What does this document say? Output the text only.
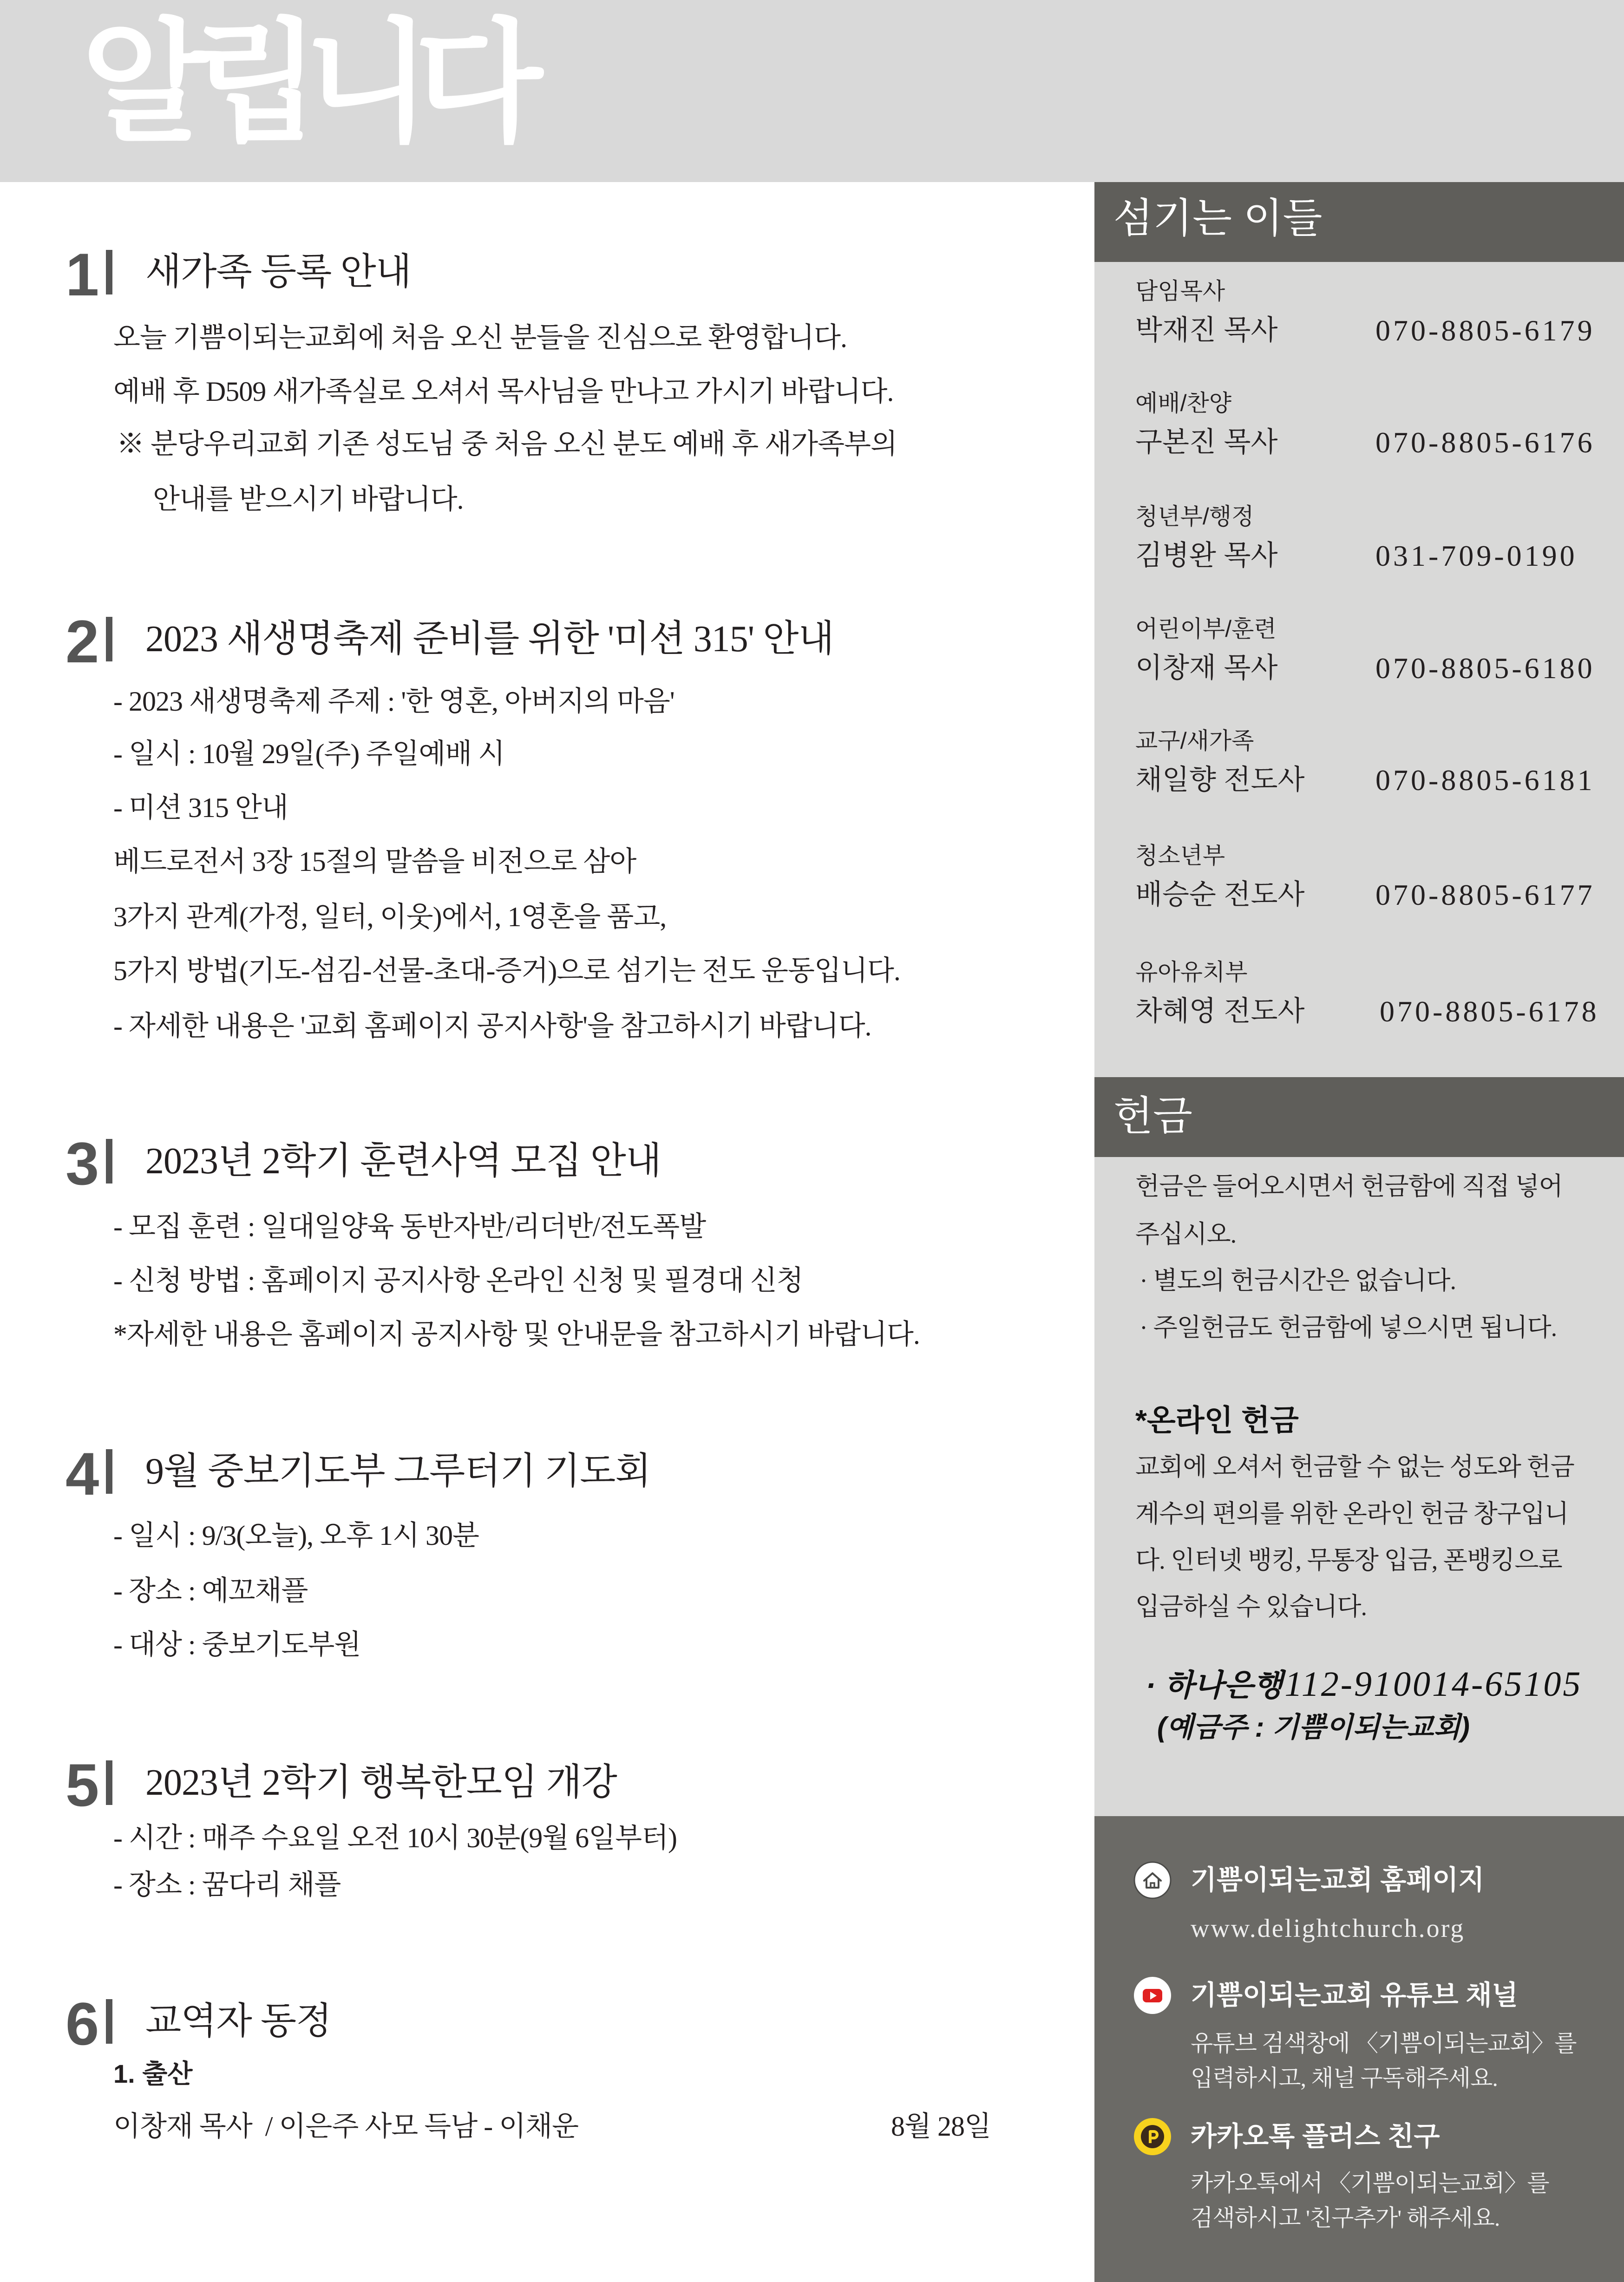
알립니다
1 새가족 등록 안내
오늘 기쁨이되는교회에 처음 오신 분들을 진심으로 환영합니다.
예배 후 D509 새가족실로 오셔서 목사님을 만나고 가시기 바랍니다.
※ 분당우리교회 기존 성도님 중 처음 오신 분도 예배 후 새가족부의
안내를 받으시기 바랍니다.
2 2023 새생명축제 준비를 위한 '미션 315' 안내
- 2023 새생명축제 주제 : '한 영혼, 아버지의 마음'
- 일시 : 10월 29일(주) 주일예배 시
- 미션 315 안내
베드로전서 3장 15절의 말씀을 비전으로 삼아
3가지 관계(가정, 일터, 이웃)에서, 1영혼을 품고,
5가지 방법(기도-섬김-선물-초대-증거)으로 섬기는 전도 운동입니다.
- 자세한 내용은 '교회 홈페이지 공지사항'을 참고하시기 바랍니다.
3 2023년 2학기 훈련사역 모집 안내
- 모집 훈련 : 일대일양육 동반자반/리더반/전도폭발
- 신청 방법 : 홈페이지 공지사항 온라인 신청 및 필경대 신청
*자세한 내용은 홈페이지 공지사항 및 안내문을 참고하시기 바랍니다.
4 9월 중보기도부 그루터기 기도회
- 일시 : 9/3(오늘), 오후 1시 30분
- 장소 : 예꼬채플
- 대상 : 중보기도부원
5 2023년 2학기 행복한모임 개강
- 시간 : 매주 수요일 오전 10시 30분(9월 6일부터)
- 장소 : 꿈다리 채플
6 교역자 동정
1. 출산
이창재 목사  / 이은주 사모 득남 - 이채운	8월 28일
섬기는 이들
담임목사
박재진 목사	070-8805-6179
예배/찬양
구본진 목사	070-8805-6176
청년부/행정
김병완 목사	031-709-0190
어린이부/훈련
이창재 목사	070-8805-6180
교구/새가족
채일향 전도사 070-8805-6181
청소년부
배승순 전도사 070-8805-6177
유아유치부
차혜영 전도사	070-8805-6178
헌금
헌금은 들어오시면서 헌금함에 직접 넣어
주십시오.
· 별도의 헌금시간은 없습니다.
· 주일헌금도 헌금함에 넣으시면 됩니다.
*온라인 헌금
교회에 오셔서 헌금할 수 없는 성도와 헌금
계수의 편의를 위한 온라인 헌금 창구입니
다. 인터넷 뱅킹, 무통장 입금, 폰뱅킹으로
입금하실 수 있습니다.
· 하나은행 112-910014-65105
(예금주 : 기쁨이되는교회)
기쁨이되는교회 홈페이지
www.delightchurch.org
기쁨이되는교회 유튜브 채널
유튜브 검색창에 〈기쁨이되는교회〉를
입력하시고, 채널 구독해주세요.
카카오톡 플러스 친구
카카오톡에서 〈기쁨이되는교회〉를
검색하시고 '친구추가' 해주세요.
